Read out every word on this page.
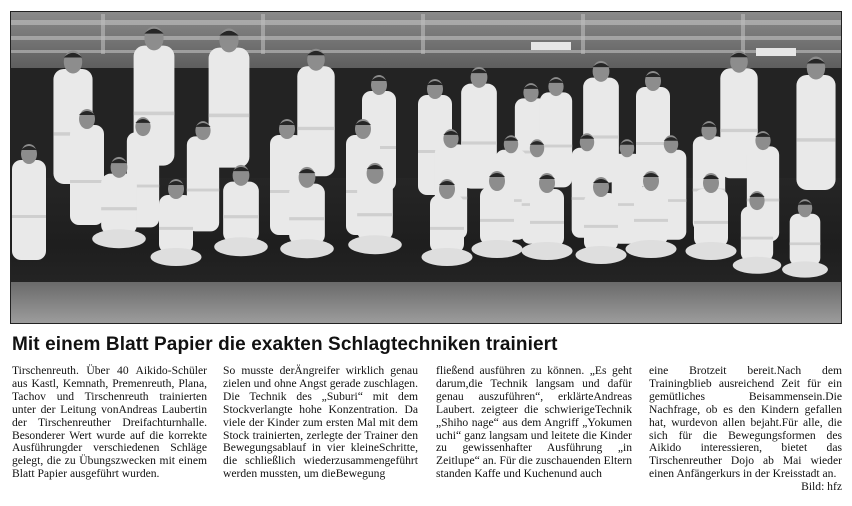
Mit einem Blatt Papier die exakten Schlagtechniken trainiert

Tirschenreuth. Über 40 Aikido-Schüler aus Kastl, Kemnath, Premenreuth, Plana, Tachov und Tirschenreuth trainierten unter der Leitung vonAndreas Laubertin der Tirschenreuther Dreifachturnhalle. Besonderer Wert wurde auf die korrekte Ausführungder verschiedenen Schläge gelegt, die zu Übungszwecken mit einem Blatt Papier ausgeführt wurden.

So musste derÄngreifer wirklich genau zielen und ohne Angst gerade zuschlagen. Die Technik des „Suburi“ mit dem Stockverlangte hohe Konzentration. Da viele der Kinder zum ersten Mal mit dem Stock trainierten, zerlegte der Trainer den Bewegungsablauf in vier kleineSchritte, die schließlich wiederzusammengeführt werden mussten, um dieBewegung

fließend ausführen zu können. „Es geht darum,die Technik langsam und dafür genau auszuführen“, erklärteAndreas Laubert. zeigteer die schwierigeTechnik „Shiho nage“ aus dem Angriff „Yokumen uchi“ ganz langsam und leitete die Kinder zu gewissenhafter Ausführung „in Zeitlupe“ an. Für die zuschauenden Eltern standen Kaffe und Kuchenund auch

eine Brotzeit bereit.Nach dem Trainingblieb ausreichend Zeit für ein gemütliches Beisammensein.Die Nachfrage, ob es den Kindern gefallen hat, wurdevon allen bejaht.Für alle, die sich für die Bewegungsformen des Aikido interessieren, bietet das Tirschenreuther Dojo ab Mai wieder einen Anfängerkurs in der Kreisstadt an.

Bild: hfz
